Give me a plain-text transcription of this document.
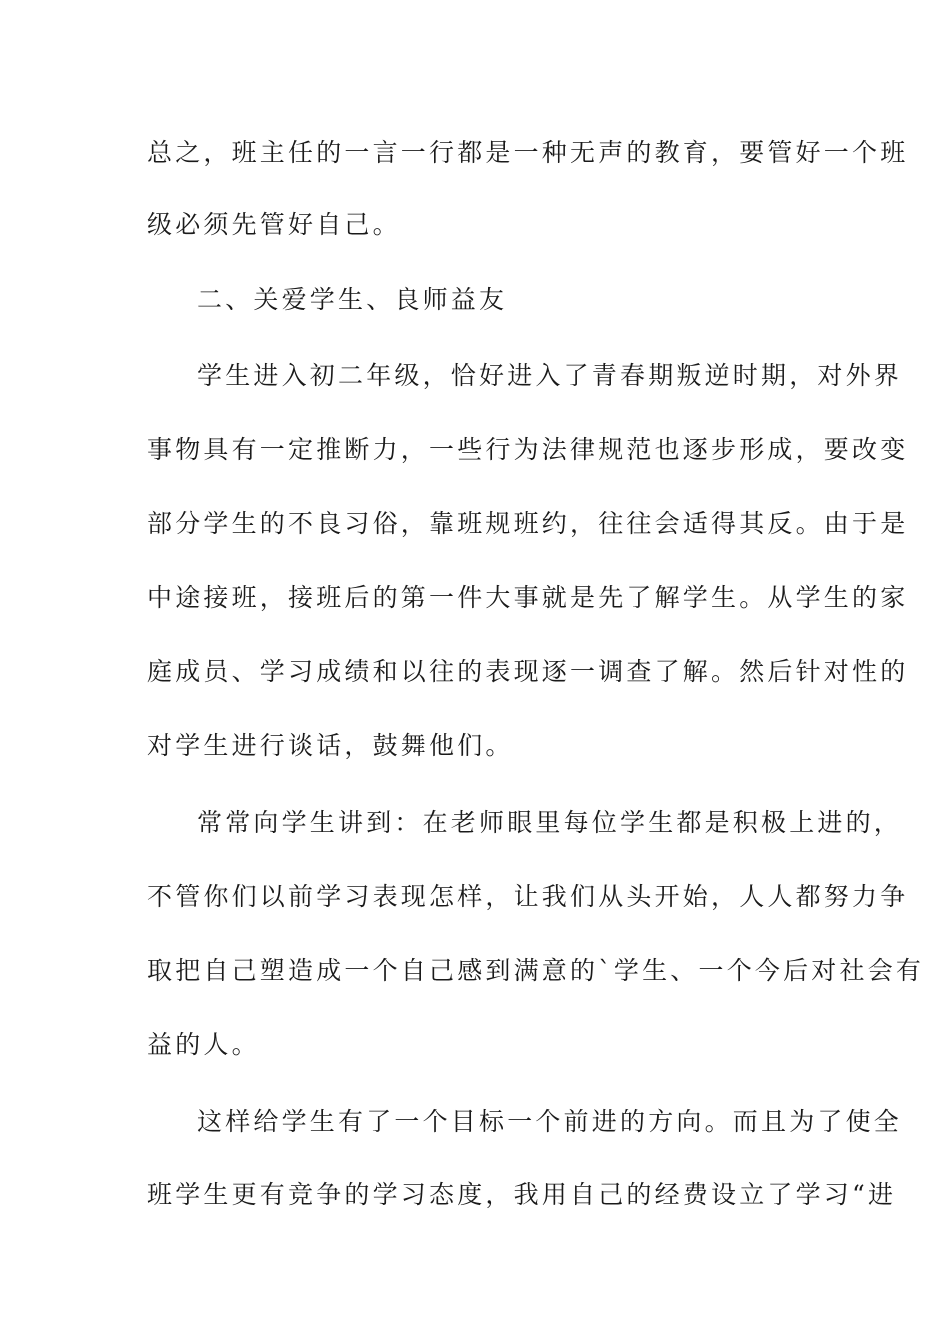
总之，班主任的一言一行都是一种无声的教育，要管好一个班
级必须先管好自己。
二、关爱学生、良师益友
学生进入初二年级，恰好进入了青春期叛逆时期，对外界
事物具有一定推断力，一些行为法律规范也逐步形成，要改变
部分学生的不良习俗，靠班规班约，往往会适得其反。由于是
中途接班，接班后的第一件大事就是先了解学生。从学生的家
庭成员、学习成绩和以往的表现逐一调查了解。然后针对性的
对学生进行谈话，鼓舞他们。
常常向学生讲到：在老师眼里每位学生都是积极上进的，
不管你们以前学习表现怎样，让我们从头开始，人人都努力争
取把自己塑造成一个自己感到满意的`学生、一个今后对社会有
益的人。
这样给学生有了一个目标一个前进的方向。而且为了使全
班学生更有竞争的学习态度，我用自己的经费设立了学习“进
